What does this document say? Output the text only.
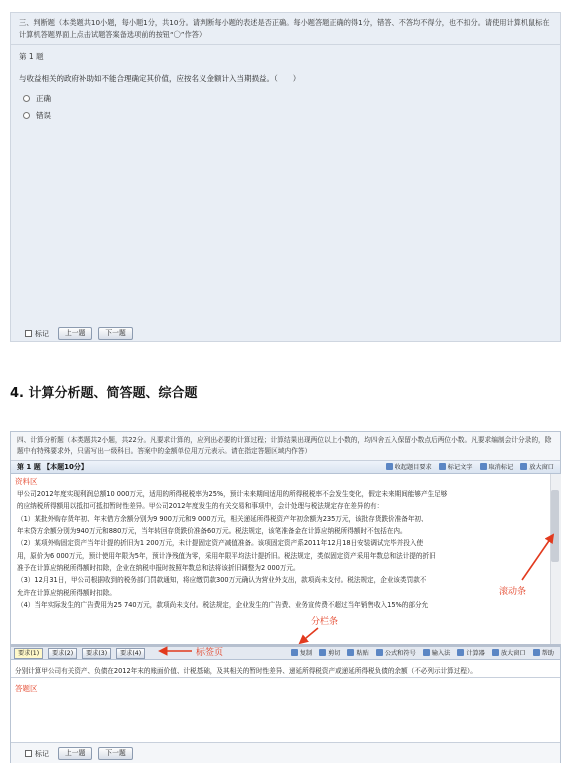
三、判断题（本类题共10小题，每小题1分，共10分。请判断每小题的表述是否正确。每小题答题正确的得1分，错答、不答均不得分，也不扣分。请使用计算机鼠标在计算机答题界面上点击试题答案备选项前的按钮“〇”作答）
第 1 题
与收益相关的政府补助如不能合理确定其价值，应按名义金额计入当期损益。（　　）
正确
错误
标记	上一题	下一题
4. 计算分析题、简答题、综合题
四、计算分析题（本类题共2小题，共22分。凡要求计算的，应列出必要的计算过程；计算结果出现两位以上小数的，均四舍五入保留小数点后两位小数。凡要求编制会计分录的，除题中有特殊要求外，只需写出一级科目。答案中的金额单位用万元表示。请在指定答题区域内作答）
第 1 题 【本题10分】	收起题目要求	标记文字	取消标记	放大窗口
资料区
甲公司2012年度实现利润总额10 000万元，适用的所得税税率为25%，预计未来期间适用的所得税税率不会发生变化，假定未来期间能够产生足够
的应纳税所得额用以抵扣可抵扣暂时性差异。甲公司2012年度发生的有关交易和事项中，会计处理与税法规定存在差异的有：
（1）某批外购存货年初、年末借方余额分别为9 900万元和9 000万元，相关递延所得税资产年初余额为235万元，该批存货跌价准备年初、
年末贷方余额分别为940万元和880万元，当年转回存货跌价准备60万元。税法规定，该笔准备金在计算应纳税所得额时不包括在内。
（2）某项外购固定资产当年计提的折旧为1 200万元，未计提固定资产减值准备。该项固定资产系2011年12月18日安装调试完毕并投入使
用，原价为6 000万元，预计使用年限为5年，预计净残值为零，采用年限平均法计提折旧。税法规定，类似固定资产采用年数总和法计提的折旧
准予在计算应纳税所得额时扣除，企业在纳税申报时按照年数总和法将该折旧调整为2 000万元。
（3）12月31日，甲公司根据收到的税务部门罚款通知，将应缴罚款300万元确认为营业外支出，款项尚未支付。税法规定，企业该类罚款不
允许在计算应纳税所得额时扣除。
（4）当年实际发生的广告费用为25 740万元，款项尚未支付。税法规定，企业发生的广告费、业务宣传费不超过当年销售收入15%的部分允
要求(1)	要求(2)	要求(3)	要求(4)	复制	剪切	粘贴	公式和符号	输入法	计算器	放大窗口	帮助
分别计算甲公司有关资产、负债在2012年末的账面价值、计税基础，及其相关的暂时性差异、递延所得税资产或递延所得税负债的余额（不必列示计算过程）。
答题区
标记	上一题	下一题
滚动条
分栏条
标签页
